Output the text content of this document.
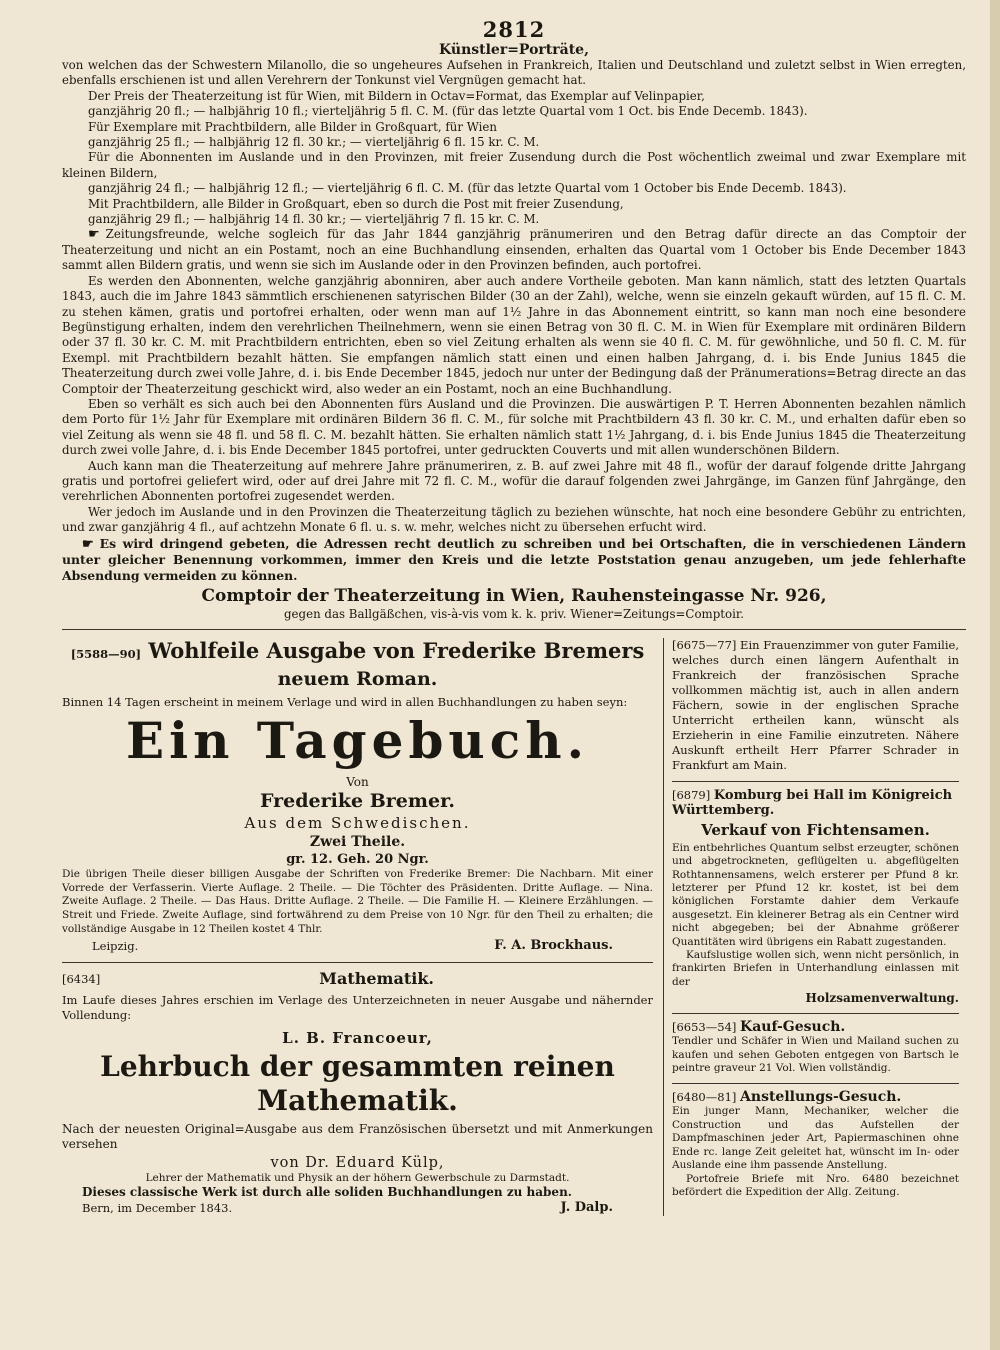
2812
Künstler=Porträte,

von welchen das der Schwestern Milanollo, die so ungeheures Aufsehen in Frankreich, Italien und Deutschland und zuletzt selbst in Wien erregten, ebenfalls erschienen ist und allen Verehrern der Tonkunst viel Vergnügen gemacht hat.

Der Preis der Theaterzeitung ist für Wien, mit Bildern in Octav=Format, das Exemplar auf Velinpapier,

ganzjährig 20 fl.; — halbjährig 10 fl.; vierteljährig 5 fl. C. M. (für das letzte Quartal vom 1 Oct. bis Ende Decemb. 1843).

Für Exemplare mit Prachtbildern, alle Bilder in Großquart, für Wien

ganzjährig 25 fl.; — halbjährig 12 fl. 30 kr.; — vierteljährig 6 fl. 15 kr. C. M.

Für die Abonnenten im Auslande und in den Provinzen, mit freier Zusendung durch die Post wöchentlich zweimal und zwar Exemplare mit kleinen Bildern,

ganzjährig 24 fl.; — halbjährig 12 fl.; — vierteljährig 6 fl. C. M. (für das letzte Quartal vom 1 October bis Ende Decemb. 1843).

Mit Prachtbildern, alle Bilder in Großquart, eben so durch die Post mit freier Zusendung,

ganzjährig 29 fl.; — halbjährig 14 fl. 30 kr.; — vierteljährig 7 fl. 15 kr. C. M.

☛ Zeitungsfreunde, welche sogleich für das Jahr 1844 ganzjährig pränumeriren und den Betrag dafür directe an das Comptoir der Theaterzeitung und nicht an ein Postamt, noch an eine Buchhandlung einsenden, erhalten das Quartal vom 1 October bis Ende December 1843 sammt allen Bildern gratis, und wenn sie sich im Auslande oder in den Provinzen befinden, auch portofrei.

Es werden den Abonnenten, welche ganzjährig abonniren, aber auch andere Vortheile geboten. Man kann nämlich, statt des letzten Quartals 1843, auch die im Jahre 1843 sämmtlich erschienenen satyrischen Bilder (30 an der Zahl), welche, wenn sie einzeln gekauft würden, auf 15 fl. C. M. zu stehen kämen, gratis und portofrei erhalten, oder wenn man auf 1½ Jahre in das Abonnement eintritt, so kann man noch eine besondere Begünstigung erhalten, indem den verehrlichen Theilnehmern, wenn sie einen Betrag von 30 fl. C. M. in Wien für Exemplare mit ordinären Bildern oder 37 fl. 30 kr. C. M. mit Prachtbildern entrichten, eben so viel Zeitung erhalten als wenn sie 40 fl. C. M. für gewöhnliche, und 50 fl. C. M. für Exempl. mit Prachtbildern bezahlt hätten. Sie empfangen nämlich statt einen und einen halben Jahrgang, d. i. bis Ende Junius 1845 die Theaterzeitung durch zwei volle Jahre, d. i. bis Ende December 1845, jedoch nur unter der Bedingung daß der Pränumerations=Betrag directe an das Comptoir der Theaterzeitung geschickt wird, also weder an ein Postamt, noch an eine Buchhandlung.

Eben so verhält es sich auch bei den Abonnenten fürs Ausland und die Provinzen. Die auswärtigen P. T. Herren Abonnenten bezahlen nämlich dem Porto für 1½ Jahr für Exemplare mit ordinären Bildern 36 fl. C. M., für solche mit Prachtbildern 43 fl. 30 kr. C. M., und erhalten dafür eben so viel Zeitung als wenn sie 48 fl. und 58 fl. C. M. bezahlt hätten. Sie erhalten nämlich statt 1½ Jahrgang, d. i. bis Ende Junius 1845 die Theaterzeitung durch zwei volle Jahre, d. i. bis Ende December 1845 portofrei, unter gedruckten Couverts und mit allen wunderschönen Bildern.

Auch kann man die Theaterzeitung auf mehrere Jahre pränumeriren, z. B. auf zwei Jahre mit 48 fl., wofür der darauf folgende dritte Jahrgang gratis und portofrei geliefert wird, oder auf drei Jahre mit 72 fl. C. M., wofür die darauf folgenden zwei Jahrgänge, im Ganzen fünf Jahrgänge, den verehrlichen Abonnenten portofrei zugesendet werden.

Wer jedoch im Auslande und in den Provinzen die Theaterzeitung täglich zu beziehen wünschte, hat noch eine besondere Gebühr zu entrichten, und zwar ganzjährig 4 fl., auf achtzehn Monate 6 fl. u. s. w. mehr, welches nicht zu übersehen erfucht wird.

☛ Es wird dringend gebeten, die Adressen recht deutlich zu schreiben und bei Ortschaften, die in verschiedenen Ländern unter gleicher Benennung vorkommen, immer den Kreis und die letzte Poststation genau anzugeben, um jede fehlerhafte Absendung vermeiden zu können.

Comptoir der Theaterzeitung in Wien, Rauhensteingasse Nr. 926,

gegen das Ballgäßchen, vis-à-vis vom k. k. priv. Wiener=Zeitungs=Comptoir.

[5588—90] Wohlfeile Ausgabe von Frederike Bremers
neuem Roman.

Binnen 14 Tagen erscheint in meinem Verlage und wird in allen Buchhandlungen zu haben seyn:

Ein Tagebuch.

Von

Frederike Bremer.

Aus dem Schwedischen.

Zwei Theile.

gr. 12. Geh. 20 Ngr.

Die übrigen Theile dieser billigen Ausgabe der Schriften von Frederike Bremer: Die Nachbarn. Mit einer Vorrede der Verfasserin. Vierte Auflage. 2 Theile. — Die Töchter des Präsidenten. Dritte Auflage. — Nina. Zweite Auflage. 2 Theile. — Das Haus. Dritte Auflage. 2 Theile. — Die Familie H. — Kleinere Erzählungen. — Streit und Friede. Zweite Auflage, sind fortwährend zu dem Preise von 10 Ngr. für den Theil zu erhalten; die vollständige Ausgabe in 12 Theilen kostet 4 Thlr.

Leipzig.	F. A. Brockhaus.
[6434]	Mathematik.

Im Laufe dieses Jahres erschien im Verlage des Unterzeichneten in neuer Ausgabe und nähernder Vollendung:

L. B. Francoeur,

Lehrbuch der gesammten reinen Mathematik.

Nach der neuesten Original=Ausgabe aus dem Französischen übersetzt und mit Anmerkungen versehen

von Dr. Eduard Külp,

Lehrer der Mathematik und Physik an der höhern Gewerbschule zu Darmstadt.

Dieses classische Werk ist durch alle soliden Buchhandlungen zu haben.

Bern, im December 1843.	J. Dalp.

[6675—77] Ein Frauenzimmer von guter Familie, welches durch einen längern Aufenthalt in Frankreich der französischen Sprache vollkommen mächtig ist, auch in allen andern Fächern, sowie in der englischen Sprache Unterricht ertheilen kann, wünscht als Erzieherin in eine Familie einzutreten. Nähere Auskunft ertheilt Herr Pfarrer Schrader in Frankfurt am Main.

[6879] Komburg bei Hall im Königreich Württemberg.

Verkauf von Fichtensamen.

Ein entbehrliches Quantum selbst erzeugter, schönen und abgetrockneten, geflügelten u. abgeflügelten Rothtannensamens, welch ersterer per Pfund 8 kr. letzterer per Pfund 12 kr. kostet, ist bei dem königlichen Forstamte dahier dem Verkaufe ausgesetzt. Ein kleinerer Betrag als ein Centner wird nicht abgegeben; bei der Abnahme größerer Quantitäten wird übrigens ein Rabatt zugestanden.

Kaufslustige wollen sich, wenn nicht persönlich, in frankirten Briefen in Unterhandlung einlassen mit der

Holzsamenverwaltung.

[6653—54] Kauf-Gesuch.

Tendler und Schäfer in Wien und Mailand suchen zu kaufen und sehen Geboten entgegen von Bartsch le peintre graveur 21 Vol. Wien vollständig.

[6480—81] Anstellungs-Gesuch.

Ein junger Mann, Mechaniker, welcher die Construction und das Aufstellen der Dampfmaschinen jeder Art, Papiermaschinen ohne Ende rc. lange Zeit geleitet hat, wünscht im In- oder Auslande eine ihm passende Anstellung.

Portofreie Briefe mit Nro. 6480 bezeichnet befördert die Expedition der Allg. Zeitung.
